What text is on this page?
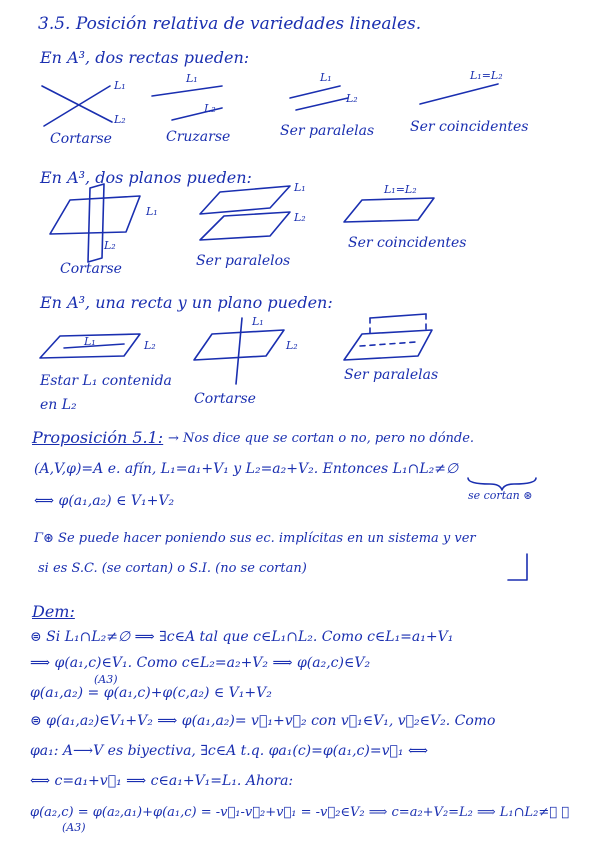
3.5. Posición relativa de variedades lineales.
En A³, dos rectas pueden:
L₁
L₂
L₁
L₂
L₁
L₂
L₁=L₂
Cortarse	Cruzarse	Ser paralelas	Ser coincidentes
En A³, dos planos pueden:
L₁
L₂
L₁
L₂
L₁=L₂
Cortarse	Ser paralelos
Ser coincidentes
En A³, una recta y un plano pueden:
L₁	L₂
L₁
L₂
Estar L₁ contenida
en L₂	Cortarse
Ser paralelas
Proposición 5.1: → Nos dice que se cortan o no, pero no dónde.
(A,V,φ)=A e. afín, L₁=a₁+V₁ y L₂=a₂+V₂. Entonces L₁∩L₂≠∅
se cortan ⊛
⟺ φ(a₁,a₂) ∈ V₁+V₂
Γ⊛ Se puede hacer poniendo sus ec. implícitas en un sistema y ver
si es S.C. (se cortan) o S.I. (no se cortan)
Dem:
⊜ Si L₁∩L₂≠∅ ⟹ ∃c∈A tal que c∈L₁∩L₂. Como c∈L₁=a₁+V₁
⟹ φ(a₁,c)∈V₁. Como c∈L₂=a₂+V₂ ⟹ φ(a₂,c)∈V₂
(A3)
φ(a₁,a₂) = φ(a₁,c)+φ(c,a₂) ∈ V₁+V₂
⊜ φ(a₁,a₂)∈V₁+V₂ ⟹ φ(a₁,a₂)= v⃗₁+v⃗₂ con v⃗₁∈V₁, v⃗₂∈V₂. Como
φa₁: A⟶V es biyectiva, ∃c∈A t.q. φa₁(c)=φ(a₁,c)=v⃗₁ ⟺
⟺ c=a₁+v⃗₁ ⟹ c∈a₁+V₁=L₁. Ahora:
φ(a₂,c) = φ(a₂,a₁)+φ(a₁,c) = -v⃗₁-v⃗₂+v⃗₁ = -v⃗₂∈V₂ ⟹ c=a₂+V₂=L₂ ⟹ L₁∩L₂≠∅ ∎
(A3)
